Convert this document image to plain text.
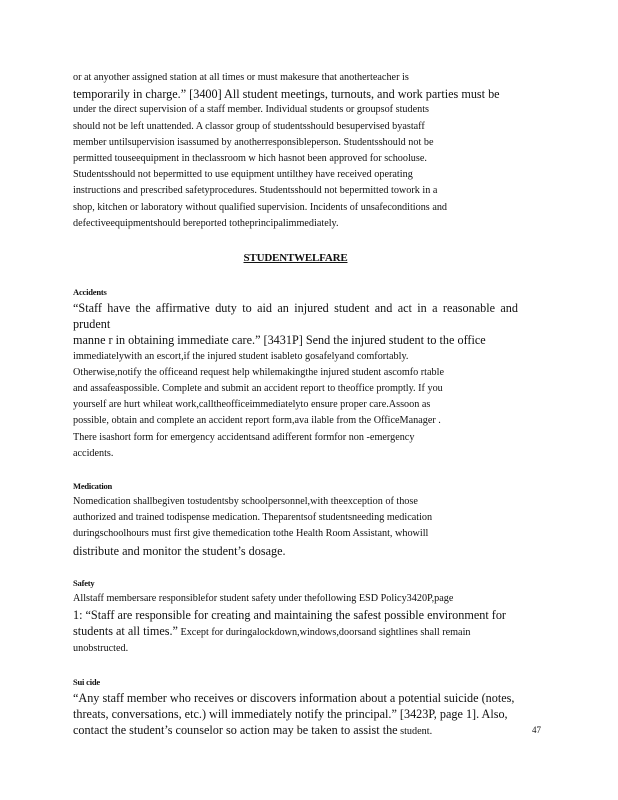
or at anyother assigned station at all times or must makesure that anotherteacher is

temporarily in charge.” [3400] All student meetings, turnouts, and work parties must be

under the direct supervision of a staff member. Individual students or groupsof students

should not be left unattended. A classor group of studentsshould besupervised byastaff

member untilsupervision isassumed by anotherresponsibleperson. Studentsshould not be

permitted touseequipment in theclassroom w hich hasnot been approved for schooluse.

Studentsshould not bepermitted to use equipment untilthey have received operating

instructions and prescribed safetyprocedures. Studentsshould not bepermitted towork in a

shop, kitchen or laboratory without qualified supervision. Incidents of unsafeconditions and

defectiveequipmentshould bereported totheprincipalimmediately.

STUDENTWELFARE
Accidents

“Staff have the affirmative duty to aid an injured student and act in a reasonable and prudent

manne r in obtaining immediate care.” [3431P] Send the injured student to the office

immediatelywith an escort,if the injured student isableto gosafelyand comfortably.

Otherwise,notify the officeand request help whilemakingthe injured student ascomfo rtable

and assafeaspossible. Complete and submit an accident report to theoffice promptly. If you

yourself are hurt whileat work,calltheofficeimmediatelyto ensure proper care.Assoon as

possible, obtain and complete an accident report form,ava ilable from the OfficeManager .

There isashort form for emergency accidentsand adifferent formfor non -emergency

accidents.

Medication

Nomedication shallbegiven tostudentsby schoolpersonnel,with theexception of those

authorized and trained todispense medication. Theparentsof studentsneeding medication

duringschoolhours must first give themedication tothe Health Room Assistant, whowill

distribute and monitor the student’s dosage.

Safety

Allstaff membersare responsiblefor student safety under thefollowing ESD Policy3420P,page

1: “Staff are responsible for creating and maintaining the safest possible environment for

students at all times.” Except for duringalockdown,windows,doorsand sightlines shall remain

unobstructed.

Sui cide

“Any staff member who receives or discovers information about a potential suicide (notes,

threats, conversations, etc.) will immediately notify the principal.” [3423P, page 1]. Also,

contact the student’s counselor so action may be taken to assist the student.	47
